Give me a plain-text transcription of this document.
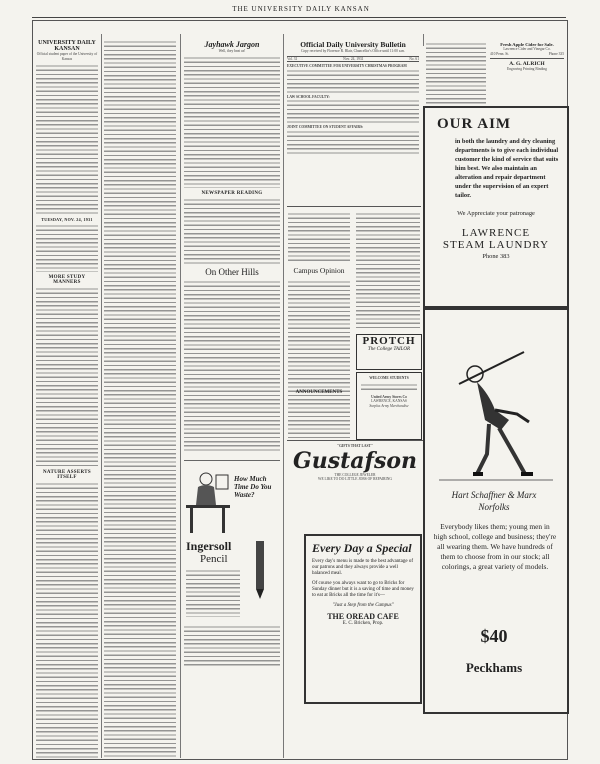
THE UNIVERSITY DAILY KANSAN
UNIVERSITY DAILY KANSAN
Official student paper of the University of Kansas
TUESDAY, NOV. 24, 1931
MORE STUDY MANNERS
NATURE ASSERTS ITSELF
Jayhawk Jargon
Well, they beat us!
NEWSPAPER READING
On Other Hills
How Much Time Do You Waste?
Ingersoll
Pencil
Official Daily University Bulletin
Copy received by Florence R. Blair, Chancellor's Office until 11:00 a.m.
Vol. 31	Nov. 24, 1931	No. 61
EXECUTIVE COMMITTEE FOR UNIVERSITY CHRISTMAS PROGRAM
LAW SCHOOL FACULTY:
JOINT COMMITTEE ON STUDENT AFFAIRS:
Campus Opinion
PROTCH
The College TAILOR
WELCOME STUDENTS
United Army Stores Co
LAWRENCE, KANSAS
Surplus Army Merchandise
ANNOUNCEMENTS
"GIFTS THAT LAST"
Gustafson
THE COLLEGE JEWELER
WE LIKE TO DO LITTLE JOBS OF REPAIRING
Every Day a Special
Every day's menu is made to the best advantage of our patrons and they always provide a well balanced meal.
Of course you always want to go to Bricks for Sunday dinner but it is a saving of time and money to eat at Bricks all the time for it's—
"Just a Step from the Campus"
THE OREAD CAFE
E. C. Bricken, Prop.
Fresh Apple Cider for Sale.
Lawrence Cider and Vinegar Co.
410 Penn. St.	Phone 335
A. G. ALRICH
Engraving Printing Binding
OUR AIM
in both the laundry and dry cleaning departments is to give each individual customer the kind of service that suits him best. We also maintain an alteration and repair department under the supervision of an expert tailor.
We Appreciate your patronage
LAWRENCE
STEAM LAUNDRY
Phone 383
Hart Schaffner & Marx
Norfolks
Everybody likes them; young men in high school, college and business; they're all wearing them. We have hundreds of them to choose from in our stock; all colorings, a great variety of models.
$40
Peckhams
